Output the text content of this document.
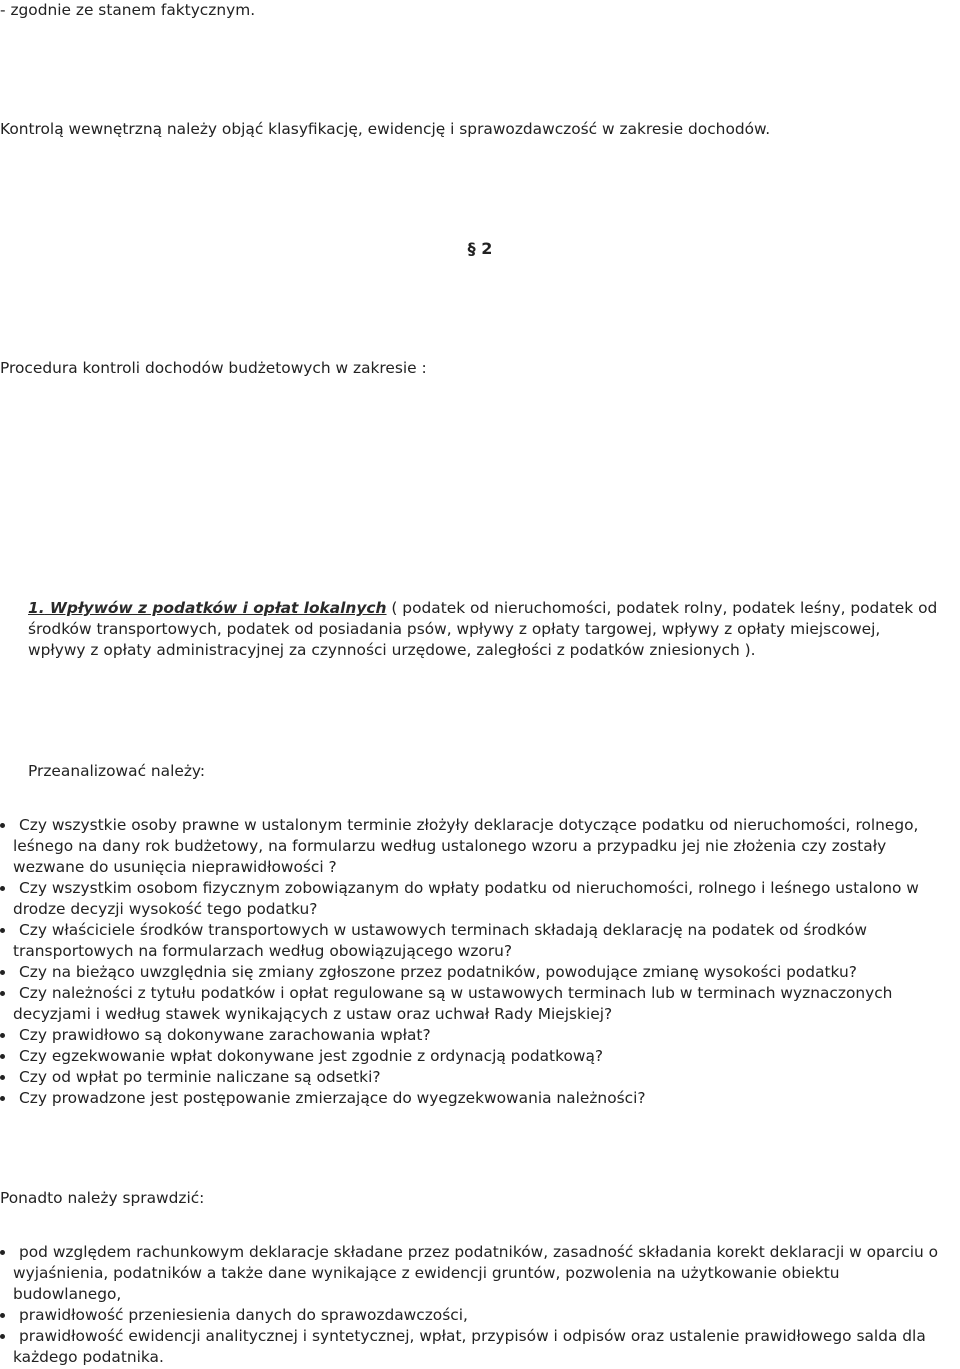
- zgodnie ze stanem faktycznym.

Kontrolą wewnętrzną należy objąć klasyfikację, ewidencję i sprawozdawczość w zakresie dochodów.

§ 2

Procedura kontroli dochodów budżetowych w zakresie :

1. Wpływów z podatków i opłat lokalnych ( podatek od nieruchomości, podatek rolny, podatek leśny, podatek od
środków transportowych, podatek od posiadania psów, wpływy z opłaty targowej, wpływy z opłaty miejscowej,
wpływy z opłaty administracyjnej za czynności urzędowe, zaległości z podatków zniesionych ).

Przeanalizować należy:

Czy wszystkie osoby prawne w ustalonym terminie złożyły deklaracje dotyczące podatku od nieruchomości, rolnego,
leśnego na dany rok budżetowy, na formularzu według ustalonego wzoru a przypadku jej nie złożenia czy zostały
wezwane do usunięcia nieprawidłowości ?
Czy wszystkim osobom fizycznym zobowiązanym do wpłaty podatku od nieruchomości, rolnego i leśnego ustalono w
drodze decyzji wysokość tego podatku?
Czy właściciele środków transportowych w ustawowych terminach składają deklarację na podatek od środków
transportowych na formularzach według obowiązującego wzoru?
Czy na bieżąco uwzględnia się zmiany zgłoszone przez podatników, powodujące zmianę wysokości podatku?
Czy należności z tytułu podatków i opłat regulowane są w ustawowych terminach lub w terminach wyznaczonych
decyzjami i według stawek wynikających z ustaw oraz uchwał Rady Miejskiej?
Czy prawidłowo są dokonywane zarachowania wpłat?
Czy egzekwowanie wpłat dokonywane jest zgodnie z ordynacją podatkową?
Czy od wpłat po terminie naliczane są odsetki?
Czy prowadzone jest postępowanie zmierzające do wyegzekwowania należności?

Ponadto należy sprawdzić:

pod względem rachunkowym deklaracje składane przez podatników, zasadność składania korekt deklaracji w oparciu o
wyjaśnienia, podatników a także dane wynikające z ewidencji gruntów, pozwolenia na użytkowanie obiektu
budowlanego,
prawidłowość przeniesienia danych do sprawozdawczości,
prawidłowość ewidencji analitycznej i syntetycznej, wpłat, przypisów i odpisów oraz ustalenie prawidłowego salda dla
każdego podatnika.
